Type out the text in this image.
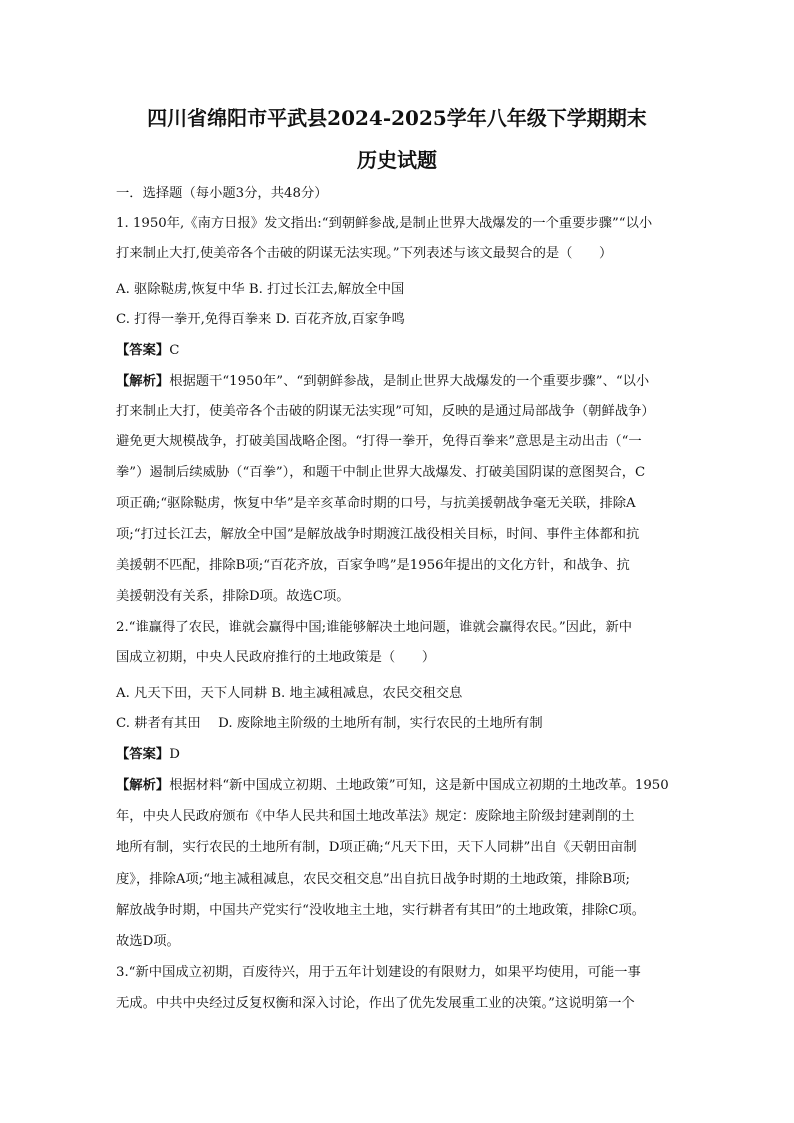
四川省绵阳市平武县2024-2025学年八年级下学期期末
历史试题
一．选择题（每小题3分，共48分）
1. 1950年,《南方日报》发文指出:“到朝鲜参战,是制止世界大战爆发的一个重要步骤”“以小
打来制止大打,使美帝各个击破的阴谋无法实现。”下列表述与该文最契合的是（　　）
A. 驱除鞑虏,恢复中华 B. 打过长江去,解放全中国
C. 打得一拳开,免得百拳来 D. 百花齐放,百家争鸣
【答案】C
【解析】根据题干“1950年”、“到朝鲜参战，是制止世界大战爆发的一个重要步骤”、“以小
打来制止大打，使美帝各个击破的阴谋无法实现”可知，反映的是通过局部战争（朝鲜战争）
避免更大规模战争，打破美国战略企图。“打得一拳开，免得百拳来”意思是主动出击（“一
拳”）遏制后续威胁（“百拳”），和题干中制止世界大战爆发、打破美国阴谋的意图契合，C
项正确;“驱除鞑虏，恢复中华”是辛亥革命时期的口号，与抗美援朝战争毫无关联，排除A
项;“打过长江去，解放全中国”是解放战争时期渡江战役相关目标，时间、事件主体都和抗
美援朝不匹配，排除B项;“百花齐放，百家争鸣”是1956年提出的文化方针，和战争、抗
美援朝没有关系，排除D项。故选C项。
2.“谁赢得了农民，谁就会赢得中国;谁能够解决土地问题，谁就会赢得农民。”因此，新中
国成立初期，中央人民政府推行的土地政策是（　　）
A. 凡天下田，天下人同耕 B. 地主减租减息，农民交租交息
C. 耕者有其田　 D. 废除地主阶级的土地所有制，实行农民的土地所有制
【答案】D
【解析】根据材料“新中国成立初期、土地政策”可知，这是新中国成立初期的土地改革。1950
年，中央人民政府颁布《中华人民共和国土地改革法》规定：废除地主阶级封建剥削的土
地所有制，实行农民的土地所有制，D项正确;“凡天下田，天下人同耕”出自《天朝田亩制
度》，排除A项;“地主减租减息，农民交租交息”出自抗日战争时期的土地政策，排除B项;
解放战争时期，中国共产党实行“没收地主土地，实行耕者有其田”的土地政策，排除C项。
故选D项。
3.“新中国成立初期，百废待兴，用于五年计划建设的有限财力，如果平均使用，可能一事
无成。中共中央经过反复权衡和深入讨论，作出了优先发展重工业的决策。”这说明第一个
